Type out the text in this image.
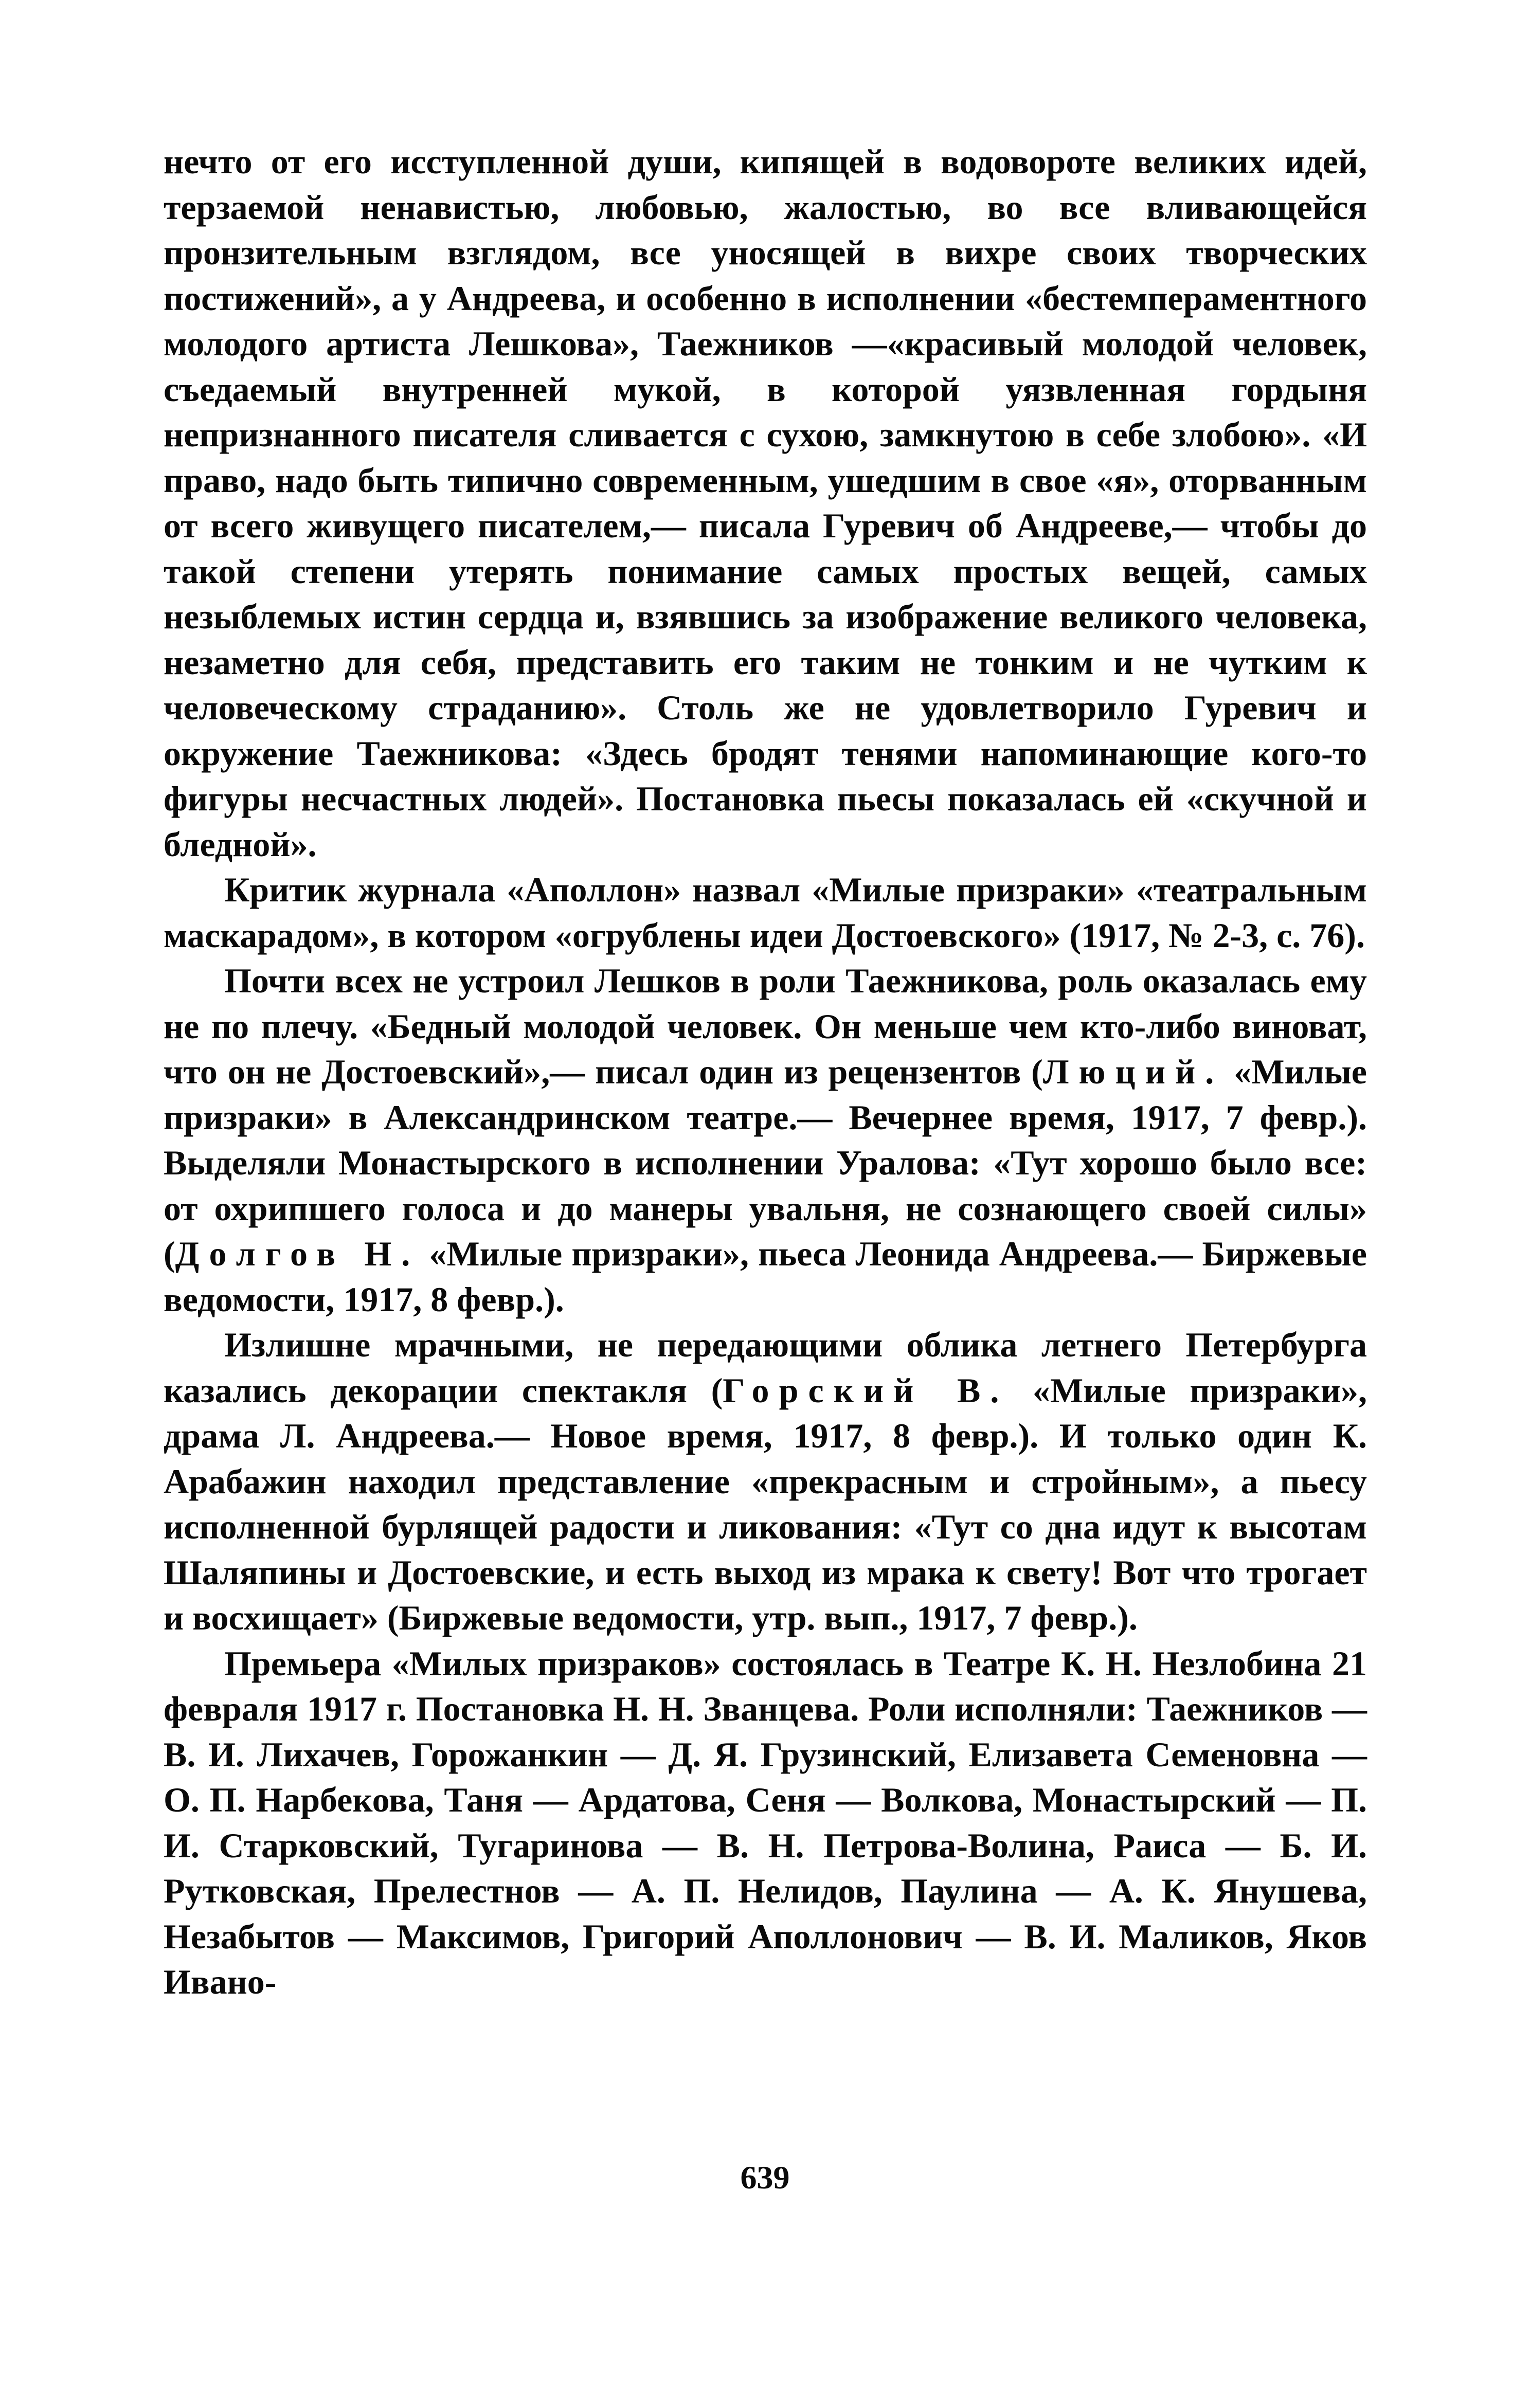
нечто от его исступленной души, кипящей в водовороте великих идей, терзаемой ненавистью, любовью, жалостью, во все вливающейся пронзительным взглядом, все уносящей в вихре своих творческих постижений», а у Андреева, и особенно в исполнении «бестемпераментного молодого артиста Лешкова», Таежников —«красивый молодой человек, съедаемый внутренней мукой, в которой уязвленная гордыня непризнанного писателя сливается с сухою, замкнутою в себе злобою». «И право, надо быть типично современным, ушедшим в свое «я», оторванным от всего живущего писателем,— писала Гуревич об Андрееве,— чтобы до такой степени утерять понимание самых простых вещей, самых незыблемых истин сердца и, взявшись за изображение великого человека, незаметно для себя, представить его таким не тонким и не чутким к человеческому страданию». Столь же не удовлетворило Гуревич и окружение Таежникова: «Здесь бродят тенями напоминающие кого-то фигуры несчастных людей». Постановка пьесы показалась ей «скучной и бледной».

Критик журнала «Аполлон» назвал «Милые призраки» «театральным маскарадом», в котором «огрублены идеи Достоевского» (1917, № 2-3, с. 76).

Почти всех не устроил Лешков в роли Таежникова, роль оказалась ему не по плечу. «Бедный молодой человек. Он меньше чем кто-либо виноват, что он не Достоевский»,— писал один из рецензентов (Люций. «Милые призраки» в Александринском театре.— Вечернее время, 1917, 7 февр.). Выделяли Монастырского в исполнении Уралова: «Тут хорошо было все: от охрипшего голоса и до манеры увальня, не сознающего своей силы» (Долгов Н. «Милые призраки», пьеса Леонида Андреева.— Биржевые ведомости, 1917, 8 февр.).

Излишне мрачными, не передающими облика летнего Петербурга казались декорации спектакля (Горский В. «Милые призраки», драма Л. Андреева.— Новое время, 1917, 8 февр.). И только один К. Арабажин находил представление «прекрасным и стройным», а пьесу исполненной бурлящей радости и ликования: «Тут со дна идут к высотам Шаляпины и Достоевские, и есть выход из мрака к свету! Вот что трогает и восхищает» (Биржевые ведомости, утр. вып., 1917, 7 февр.).

Премьера «Милых призраков» состоялась в Театре К. Н. Незлобина 21 февраля 1917 г. Постановка Н. Н. Званцева. Роли исполняли: Таежников — В. И. Лихачев, Горожанкин — Д. Я. Грузинский, Елизавета Семеновна — О. П. Нарбекова, Таня — Ардатова, Сеня — Волкова, Монастырский — П. И. Старковский, Тугаринова — В. Н. Петрова-Волина, Раиса — Б. И. Рутковская, Прелестнов — А. П. Нелидов, Паулина — А. К. Янушева, Незабытов — Максимов, Григорий Аполлонович — В. И. Маликов, Яков Ивано-

639
